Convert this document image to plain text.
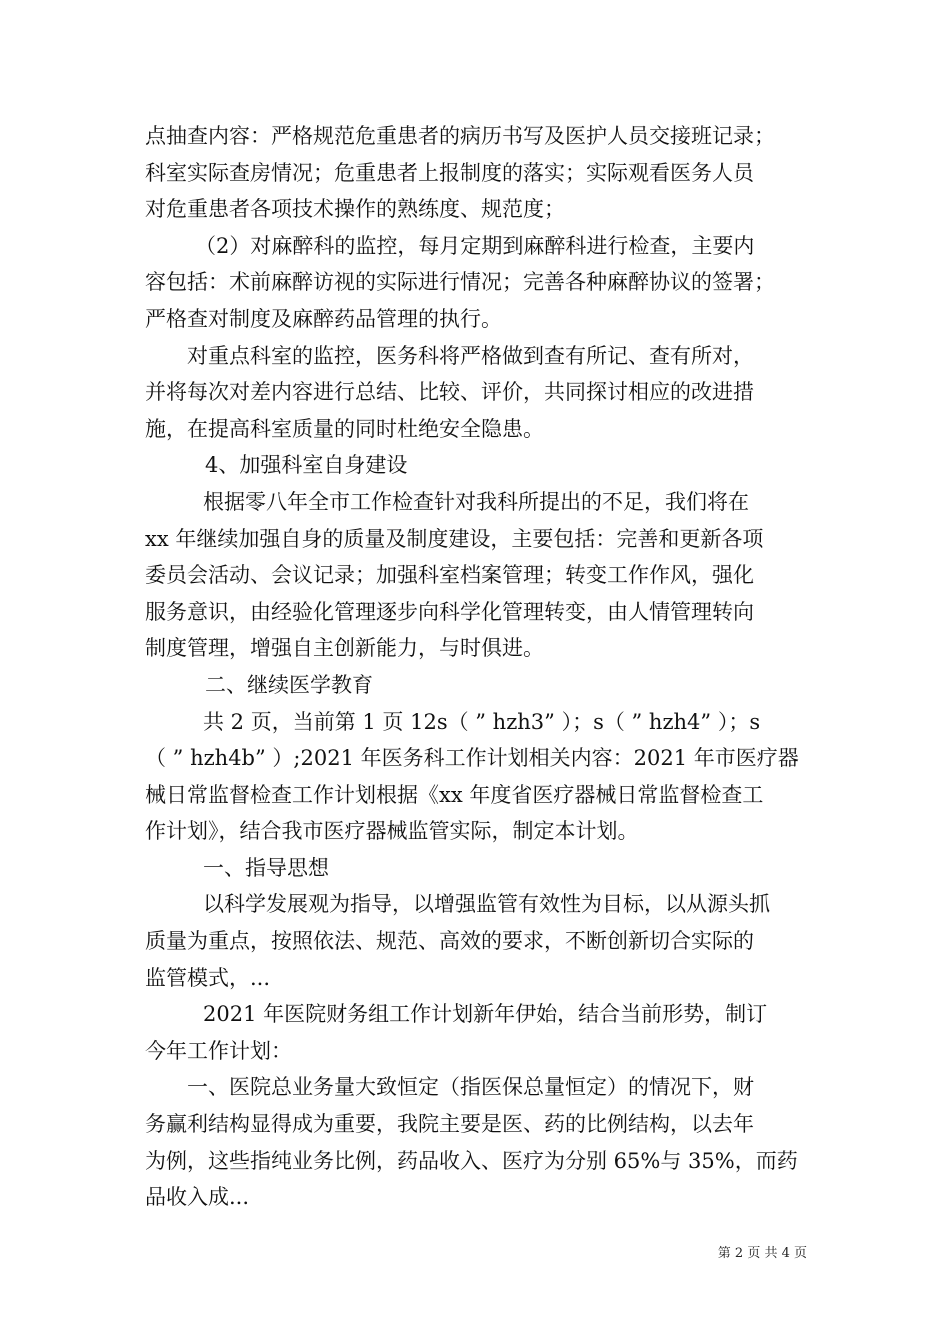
点抽查内容：严格规范危重患者的病历书写及医护人员交接班记录；
科室实际查房情况；危重患者上报制度的落实；实际观看医务人员
对危重患者各项技术操作的熟练度、规范度；
（2）对麻醉科的监控，每月定期到麻醉科进行检查，主要内
容包括：术前麻醉访视的实际进行情况；完善各种麻醉协议的签署；
严格查对制度及麻醉药品管理的执行。
对重点科室的监控，医务科将严格做到查有所记、查有所对，
并将每次对差内容进行总结、比较、评价，共同探讨相应的改进措
施，在提高科室质量的同时杜绝安全隐患。
4、加强科室自身建设
根据零八年全市工作检查针对我科所提出的不足，我们将在
xx 年继续加强自身的质量及制度建设，主要包括：完善和更新各项
委员会活动、会议记录；加强科室档案管理；转变工作作风，强化
服务意识，由经验化管理逐步向科学化管理转变，由人情管理转向
制度管理，增强自主创新能力，与时俱进。
二、继续医学教育
共 2 页，当前第 1 页 12s（ ” hzh3” ）；s（ ” hzh4” ）；s
（ ” hzh4b” ）;2021 年医务科工作计划相关内容：2021 年市医疗器
械日常监督检查工作计划根据《xx 年度省医疗器械日常监督检查工
作计划》，结合我市医疗器械监管实际，制定本计划。
一、指导思想
以科学发展观为指导，以增强监管有效性为目标，以从源头抓
质量为重点，按照依法、规范、高效的要求，不断创新切合实际的
监管模式，...
2021 年医院财务组工作计划新年伊始，结合当前形势，制订
今年工作计划：
一、医院总业务量大致恒定（指医保总量恒定）的情况下，财
务赢利结构显得成为重要，我院主要是医、药的比例结构，以去年
为例，这些指纯业务比例，药品收入、医疗为分别 65%与 35%，而药
品收入成...
第 2 页 共 4 页
